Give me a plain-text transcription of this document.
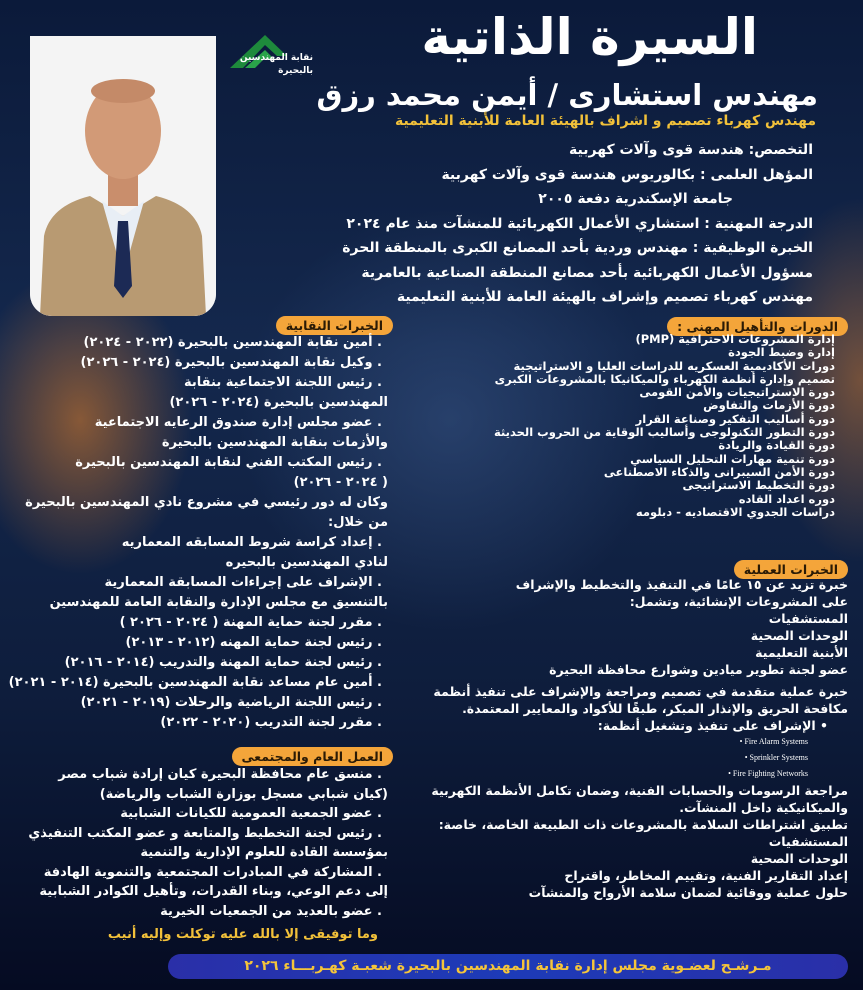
نقابة المهندسين
بالبحيرة
السيرة الذاتية
مهندس استشارى / أيمن محمد رزق
مهندس كهرباء تصميم و اشراف بالهيئة العامة للأبنية التعليمية
التخصص: هندسة قوى وآلات كهربية
المؤهل العلمى : بكالوريوس هندسة قوى وآلات كهربية
جامعة الإسكندرية دفعة ٢٠٠٥
الدرجة المهنية : استشاري الأعمال الكهربائية للمنشآت منذ عام ٢٠٢٤
الخبرة الوظيفية : مهندس وردية بأحد المصانع الكبرى بالمنطقة الحرة
مسؤول الأعمال الكهربائية بأحد مصانع المنطقة الصناعية بالعامرية
مهندس كهرباء تصميم وإشراف بالهيئة العامة للأبنية التعليمية
الدورات والتأهيل المهنى :
إدارة المشروعات الاحترافية (PMP)
إدارة وضبط الجودة
دورات الأكاديمية العسكريه للدراسات العليا و الاستراتيجية
تصميم وإدارة أنظمة الكهرباء والميكانيكا بالمشروعات الكبرى
دورة الاستراتيجيات والأمن القومى
دورة الأزمات والتفاوض
دورة أساليب التفكير وصناعة القرار
دورة التطور التكنولوجى وأساليب الوقاية من الحروب الحديثة
دورة القيادة والريادة
دورة تنمية مهارات التحليل السياسي
دورة الأمن السيبرانى والذكاء الاصطناعى
دورة التخطيط الاستراتيجى
دوره اعداد القاده
دراسات الجدوي الاقتصاديه - دبلومه
الخبرات العملية
خبرة تزيد عن ١٥ عامًا في التنفيذ والتخطيط والإشراف
على المشروعات الإنشائية، وتشمل:
المستشفيات
الوحدات الصحية
الأبنية التعليمية
عضو لجنة تطوير ميادين وشوارع محافظة البحيرة
خبرة عملية متقدمة في تصميم ومراجعة والإشراف على تنفيذ أنظمة
مكافحة الحريق والإنذار المبكر، طبقًا للأكواد والمعايير المعتمدة.
• الإشراف على تنفيذ وتشغيل أنظمة:
Fire Alarm Systems •
Sprinkler Systems •
Fire Fighting Networks •
مراجعة الرسومات والحسابات الفنية، وضمان تكامل الأنظمة الكهربية
والميكانيكية داخل المنشآت.
تطبيق اشتراطات السلامة بالمشروعات ذات الطبيعة الخاصة، خاصة:
المستشفيات
الوحدات الصحية
إعداد التقارير الفنية، وتقييم المخاطر، واقتراح
حلول عملية ووقائية لضمان سلامة الأرواح والمنشآت
الخبرات النقابية
. أمين نقابة المهندسين بالبحيرة (٢٠٢٢ - ٢٠٢٤)
. وكيل نقابة المهندسين بالبحيرة (٢٠٢٤ - ٢٠٢٦)
. رئيس اللجنة الاجتماعية بنقابة
المهندسين بالبحيرة (٢٠٢٤ - ٢٠٢٦)
. عضو مجلس إدارة صندوق الرعايه الاجتماعية
والأزمات بنقابة المهندسين بالبحيرة
. رئيس المكتب الفني لنقابة المهندسين بالبحيرة
( ٢٠٢٤ - ٢٠٢٦)
وكان له دور رئيسي في مشروع نادي المهندسين بالبحيرة
من خلال:
. إعداد كراسة شروط المسابقه المعماريه
لنادي المهندسين بالبحيره
. الإشراف على إجراءات المسابقة المعمارية
بالتنسيق مع مجلس الإدارة والنقابة العامة للمهندسين
. مقرر لجنة حماية المهنة ( ٢٠٢٤ - ٢٠٢٦ )
. رئيس لجنة حماية المهنه (٢٠١٢ - ٢٠١٣)
. رئيس لجنة حماية المهنة والتدريب (٢٠١٤ - ٢٠١٦)
. أمين عام مساعد نقابة المهندسين بالبحيرة (٢٠١٤ - ٢٠٢١)
. رئيس اللجنة الرياضية والرحلات (٢٠١٩ - ٢٠٢١)
. مقرر لجنة التدريب (٢٠٢٠ - ٢٠٢٢)
العمل العام والمجتمعى
. منسق عام محافظة البحيرة كيان إرادة شباب مصر
(كيان شبابي مسجل بوزارة الشباب والرياضة)
. عضو الجمعية العمومية للكيانات الشبابية
. رئيس لجنة التخطيط والمتابعة و عضو المكتب التنفيذي
بمؤسسة القادة للعلوم الإدارية والتنمية
. المشاركة في المبادرات المجتمعية والتنموية الهادفة
إلى دعم الوعي، وبناء القدرات، وتأهيل الكوادر الشبابية
. عضو بالعديد من الجمعيات الخيرية
وما توفيقى إلا بالله عليه توكلت وإليه أنيب
مـرشـح لعضـوية مجلس إدارة نقابة المهندسين بالبحيرة شعبـة كهـربـــاء ٢٠٢٦
